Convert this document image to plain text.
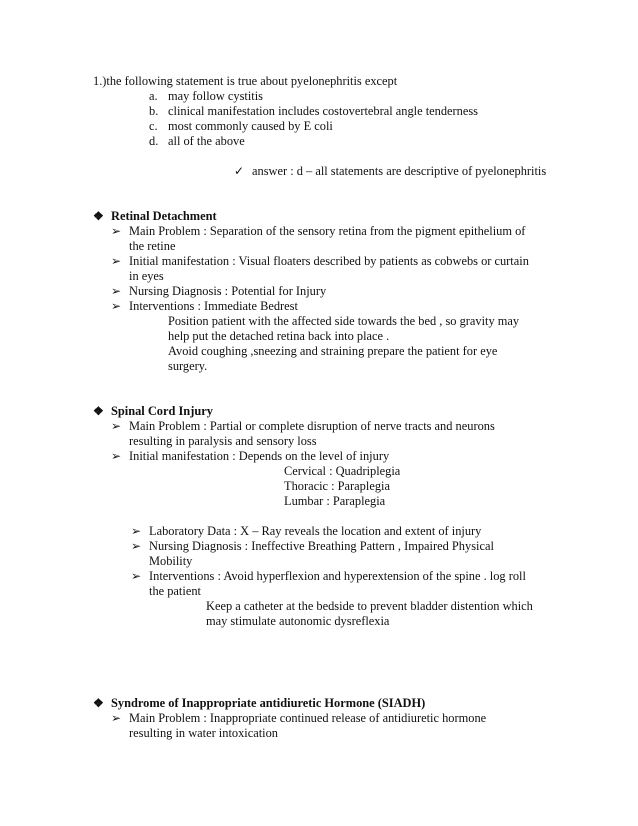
1.)the following statement is true about pyelonephritis except
a. may follow cystitis
b. clinical manifestation includes costovertebral angle tenderness
c. most commonly caused by E coli
d. all of the above
✓ answer : d – all statements are descriptive of pyelonephritis
❖ Retinal Detachment
➢ Main Problem : Separation of the sensory retina from the pigment epithelium of
the retine
➢ Initial manifestation : Visual floaters described by patients as cobwebs or curtain
in eyes
➢ Nursing Diagnosis : Potential for Injury
➢ Interventions : Immediate Bedrest
Position patient with the affected side towards the bed , so gravity may
help put the detached retina back into place .
Avoid coughing ,sneezing and straining prepare the patient for eye
surgery.
❖ Spinal Cord Injury
➢ Main Problem : Partial or complete disruption of nerve tracts and neurons
resulting in paralysis and sensory loss
➢ Initial manifestation : Depends on the level of injury
Cervical : Quadriplegia
Thoracic : Paraplegia
Lumbar : Paraplegia
➢ Laboratory Data : X – Ray reveals the location and extent of injury
➢ Nursing Diagnosis : Ineffective Breathing Pattern , Impaired Physical
Mobility
➢ Interventions : Avoid hyperflexion and hyperextension of the spine . log roll
the patient
Keep a catheter at the bedside to prevent bladder distention which
may stimulate autonomic dysreflexia
❖ Syndrome of Inappropriate antidiuretic Hormone (SIADH)
➢ Main Problem : Inappropriate continued release of antidiuretic hormone
resulting in water intoxication
